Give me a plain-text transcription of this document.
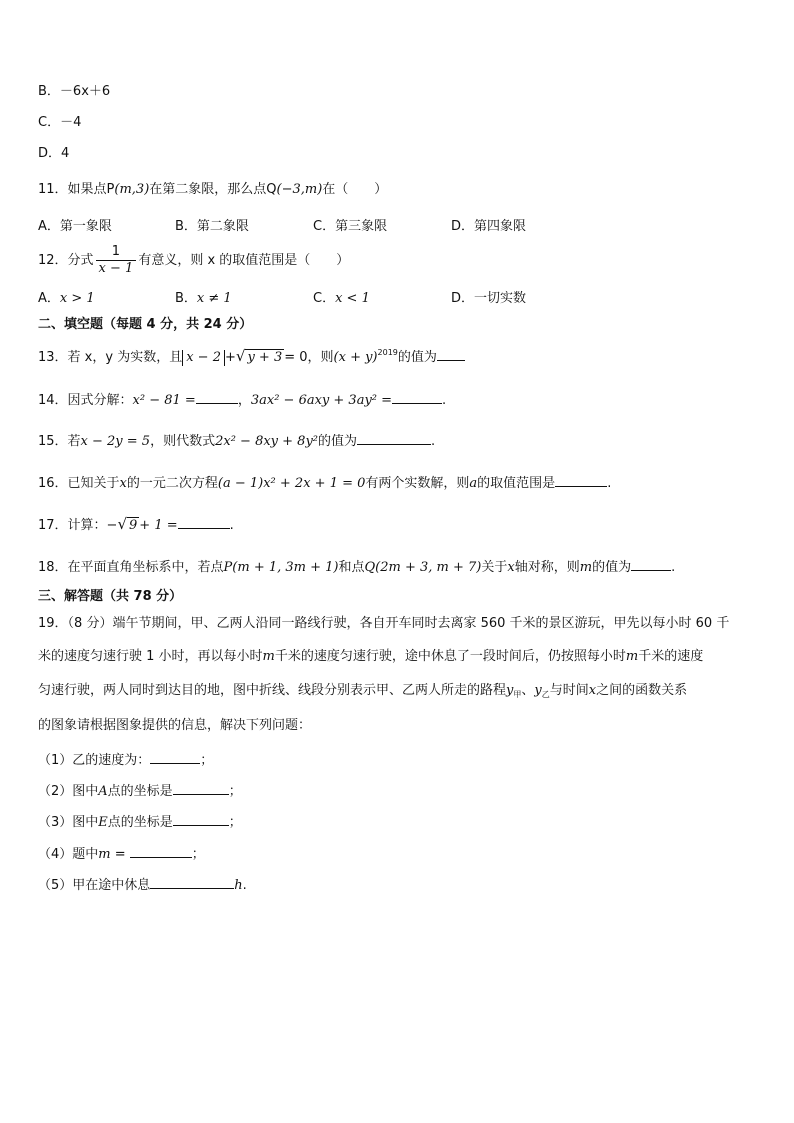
B．－6x＋6
C．－4
D．4
11．如果点P(m,3)在第二象限，那么点Q(−3,m)在（　　）
A．第一象限	B．第二象限	C．第三象限	D．第四象限
12．分式 $\frac{1}{x - 1}$ 有意义，则 x 的取值范围是（　　）
A．x > 1	B．x ≠ 1	C．x < 1	D．一切实数
二、填空题（每题 4 分，共 24 分）
13．若 x，y 为实数，且 x − 2 +√ y + 3 = 0，则$(x + y)^{2019}$的值为
14．因式分解：x² − 81 =	，3ax² − 6axy + 3ay² =	.
15．若x − 2y = 5，则代数式2x² − 8xy + 8y²的值为	.
16．已知关于x的一元二次方程(a − 1)x² + 2x + 1 = 0有两个实数解，则a的取值范围是	.
17．计算：−√ 9 + 1 =	.
18．在平面直角坐标系中，若点P(m + 1, 3m + 1)和点Q(2m + 3, m + 7)关于x轴对称，则m的值为	.
三、解答题（共 78 分）
19．（8 分）端午节期间，甲、乙两人沿同一路线行驶，各自开车同时去离家 560 千米的景区游玩，甲先以每小时 60 千
米的速度匀速行驶 1 小时，再以每小时m千米的速度匀速行驶，途中休息了一段时间后，仍按照每小时m千米的速度
匀速行驶，两人同时到达目的地，图中折线、线段分别表示甲、乙两人所走的路程$y_甲$、$y_乙$与时间x之间的函数关系
的图象请根据图象提供的信息，解决下列问题：
（1）乙的速度为：	；
（2）图中A点的坐标是	；
（3）图中E点的坐标是	；
（4）题中m =	；
（5）甲在途中休息	h.
